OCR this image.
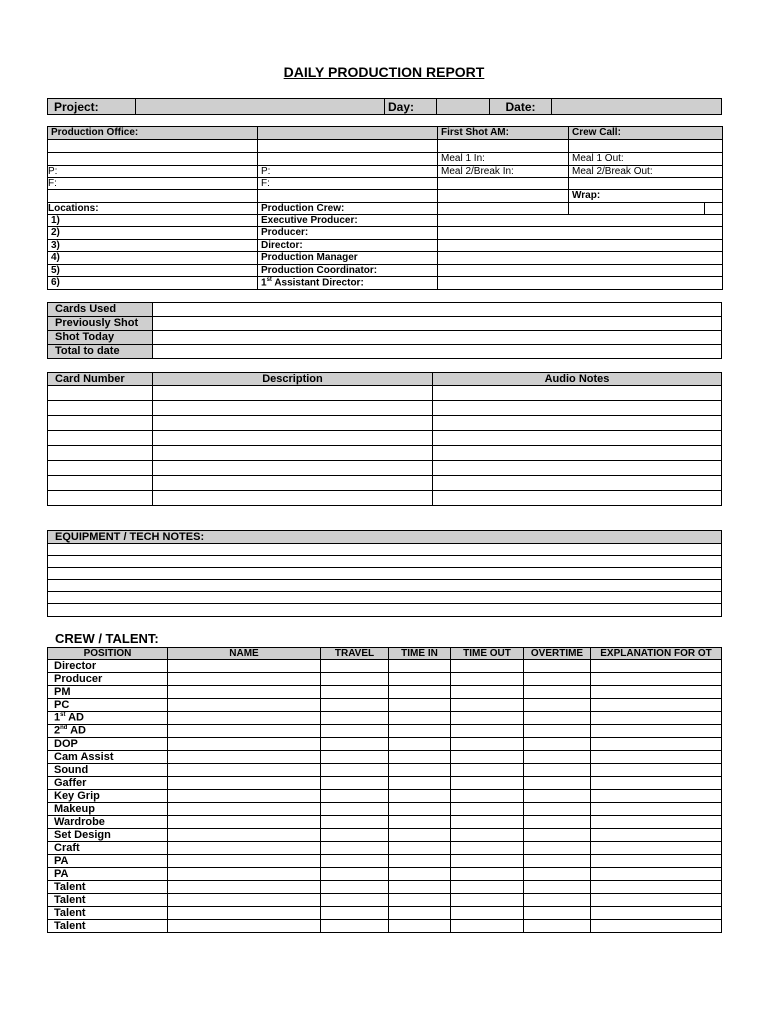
DAILY PRODUCTION REPORT
Project:		Day:		Date:	
Production Office:		First Shot AM:	Crew Call:	

		Meal 1 In:	Meal 1 Out:	
P:	P:	Meal 2/Break In:	Meal 2/Break Out:	
F:	F:			
			Wrap:	
Locations:	Production Crew:			
1)	Executive Producer:			
2)	Producer:			
3)	Director:			
4)	Production Manager			
5)	Production Coordinator:			
6)	1st Assistant Director:			
Cards Used	
Previously Shot	
Shot Today	
Total to date	
Card Number	Description	Audio Notes

EQUIPMENT / TECH NOTES:

CREW / TALENT:
POSITION	NAME	TRAVEL	TIME IN	TIME OUT	OVERTIME	EXPLANATION FOR OT
Director						
Producer						
PM						
PC						
1st AD						
2nd AD						
DOP						
Cam Assist						
Sound						
Gaffer						
Key Grip						
Makeup						
Wardrobe						
Set Design						
Craft						
PA						
PA						
Talent						
Talent						
Talent						
Talent						
